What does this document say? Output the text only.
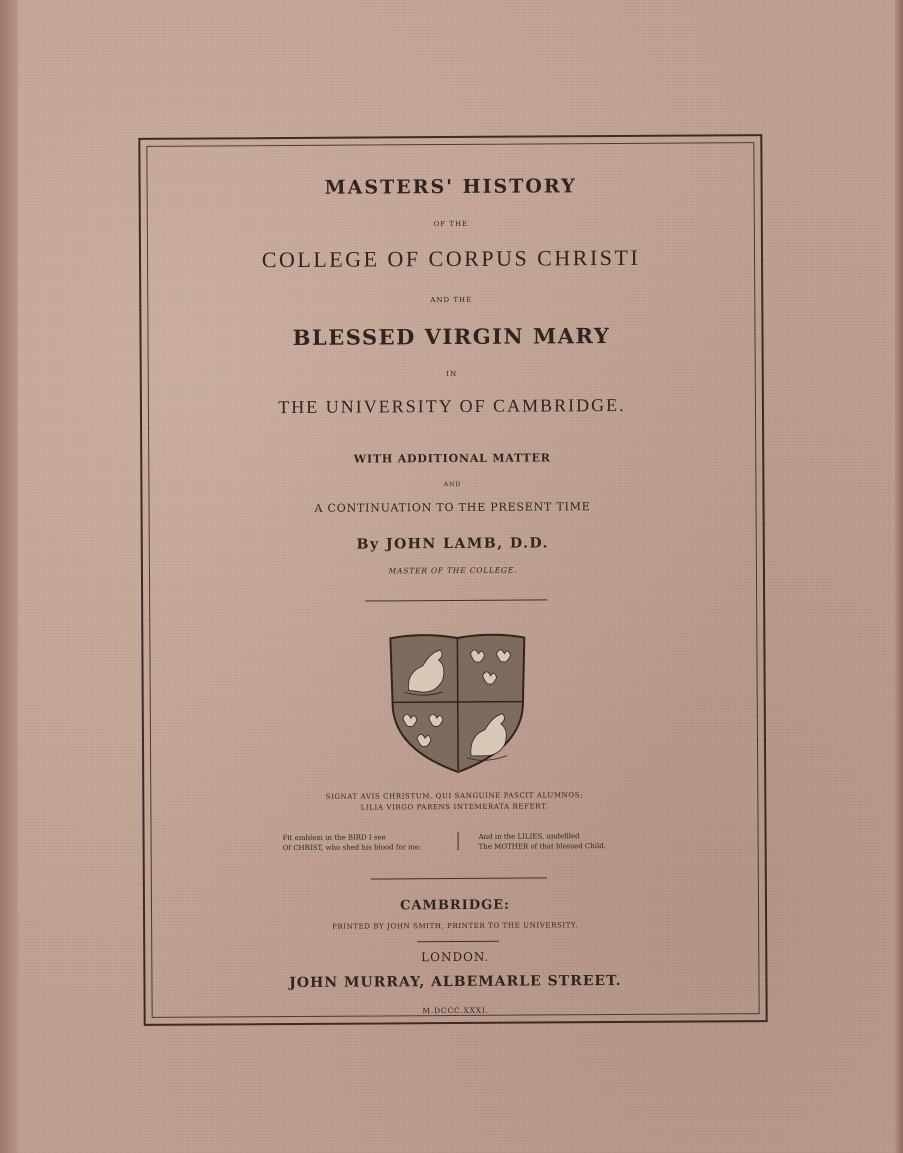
MASTERS' HISTORY
OF THE
COLLEGE OF CORPUS CHRISTI
AND THE
BLESSED VIRGIN MARY
IN
THE UNIVERSITY OF CAMBRIDGE.
WITH ADDITIONAL MATTER
AND
A CONTINUATION TO THE PRESENT TIME
By JOHN LAMB, D.D.
MASTER OF THE COLLEGE.
SIGNAT AVIS CHRISTUM, QUI SANGUINE PASCIT ALUMNOS;
LILIA VIRGO PARENS INTEMERATA REFERT.
Fit emblem in the BIRD I see
Of CHRIST, who shed his blood for me:
And in the LILIES, undefiled
The MOTHER of that blessed Child.
CAMBRIDGE:
PRINTED BY JOHN SMITH, PRINTER TO THE UNIVERSITY.
LONDON.
JOHN MURRAY, ALBEMARLE STREET.
M.DCCC.XXXI.
